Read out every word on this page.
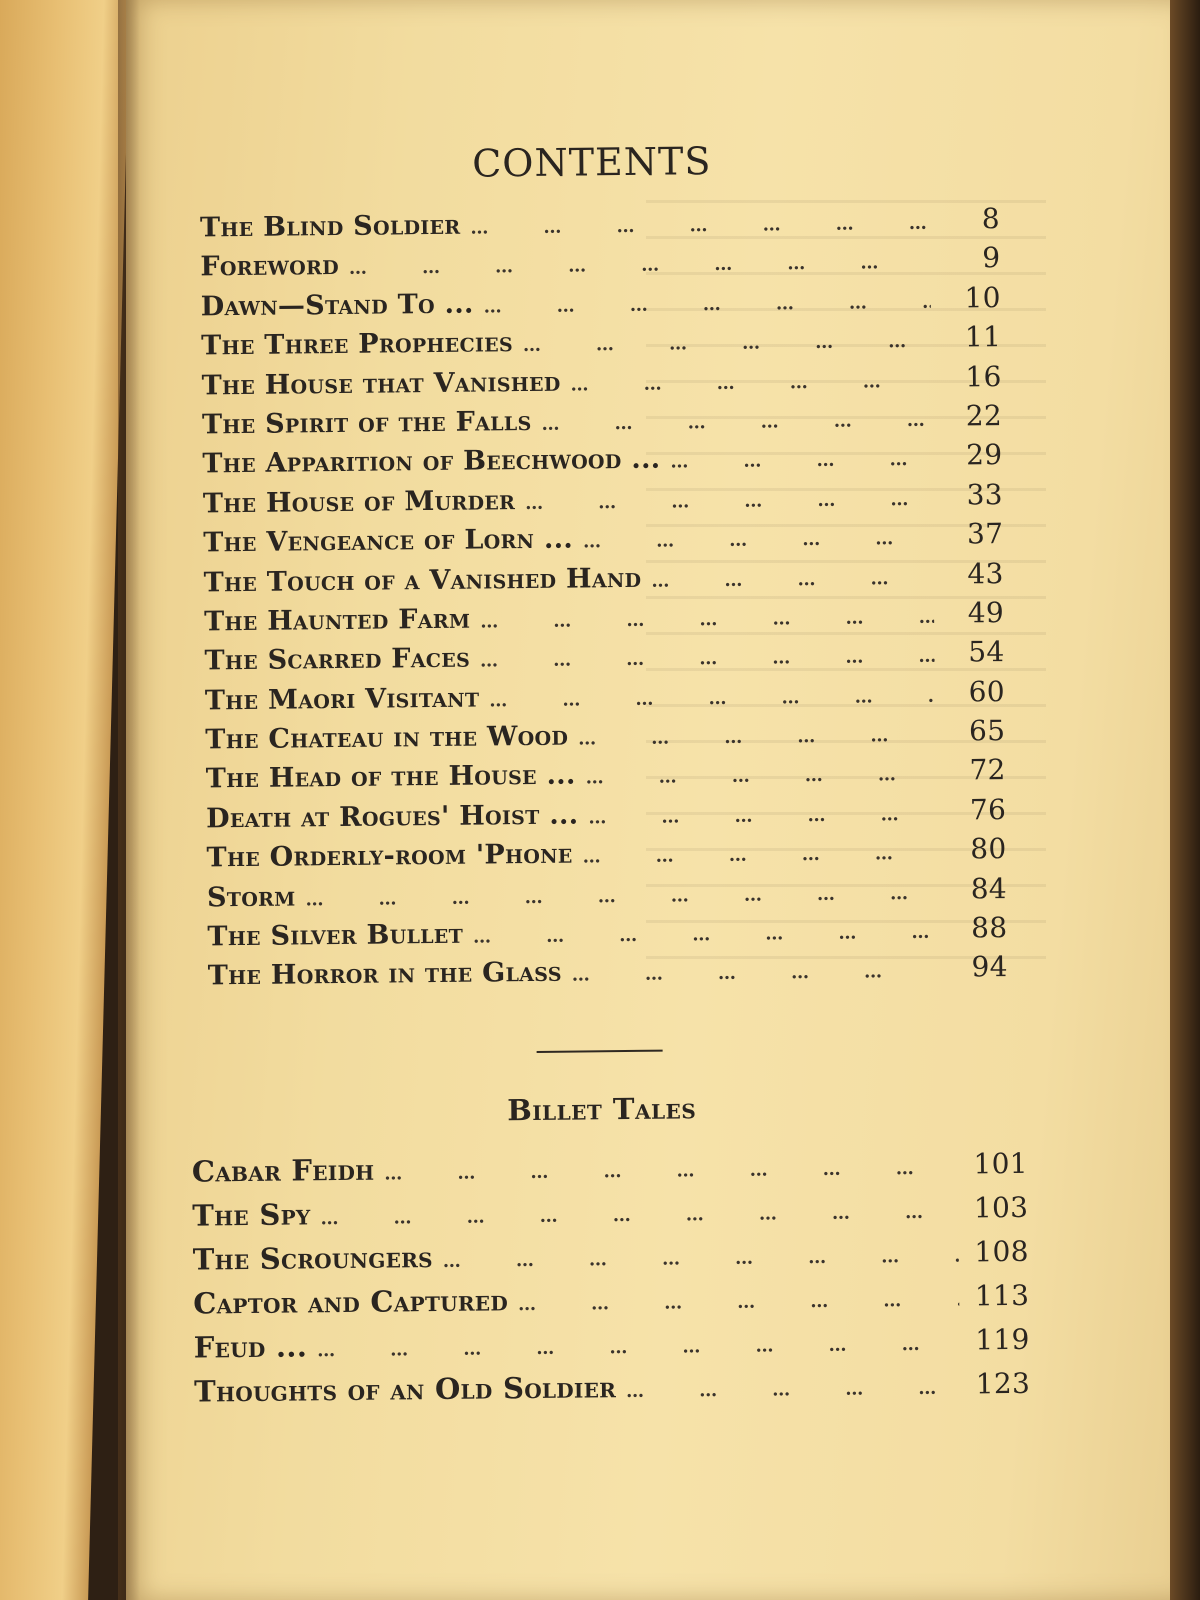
CONTENTS
The Blind Soldier … … … … … … … … … … … … … …	8
Foreword … … … … … … … … … … … … … …	9
Dawn—Stand To ... … … … … … … … … … … … … … …	10
The Three Prophecies … … … … … … … … … … … … … …	11
The House that Vanished … … … … … … … … … … … … … …	16
The Spirit of the Falls … … … … … … … … … … … … … …	22
The Apparition of Beechwood ... … … … … … … … … … … … … … …	29
The House of Murder … … … … … … … … … … … … … …	33
The Vengeance of Lorn ... … … … … … … … … … … … … … …	37
The Touch of a Vanished Hand … … … … … … … … … … … … … …	43
The Haunted Farm … … … … … … … … … … … … … …	49
The Scarred Faces … … … … … … … … … … … … … …	54
The Maori Visitant … … … … … … … … … … … … … …	60
The Chateau in the Wood … … … … … … … … … … … … … …	65
The Head of the House ... … … … … … … … … … … … … … …	72
Death at Rogues' Hoist ... … … … … … … … … … … … … … …	76
The Orderly-room 'Phone … … … … … … … … … … … … … …	80
Storm … … … … … … … … … … … … … …	84
The Silver Bullet … … … … … … … … … … … … … …	88
The Horror in the Glass … … … … … … … … … … … … … …	94
Billet Tales
Cabar Feidh … … … … … … … … … … … … … …	101
The Spy … … … … … … … … … … … … … …	103
The Scroungers … … … … … … … … … … … … … …	108
Captor and Captured … … … … … … … … … … … … … …	113
Feud ... … … … … … … … … … … … … … …	119
Thoughts of an Old Soldier … … … … … … … … … … … … … …	123
